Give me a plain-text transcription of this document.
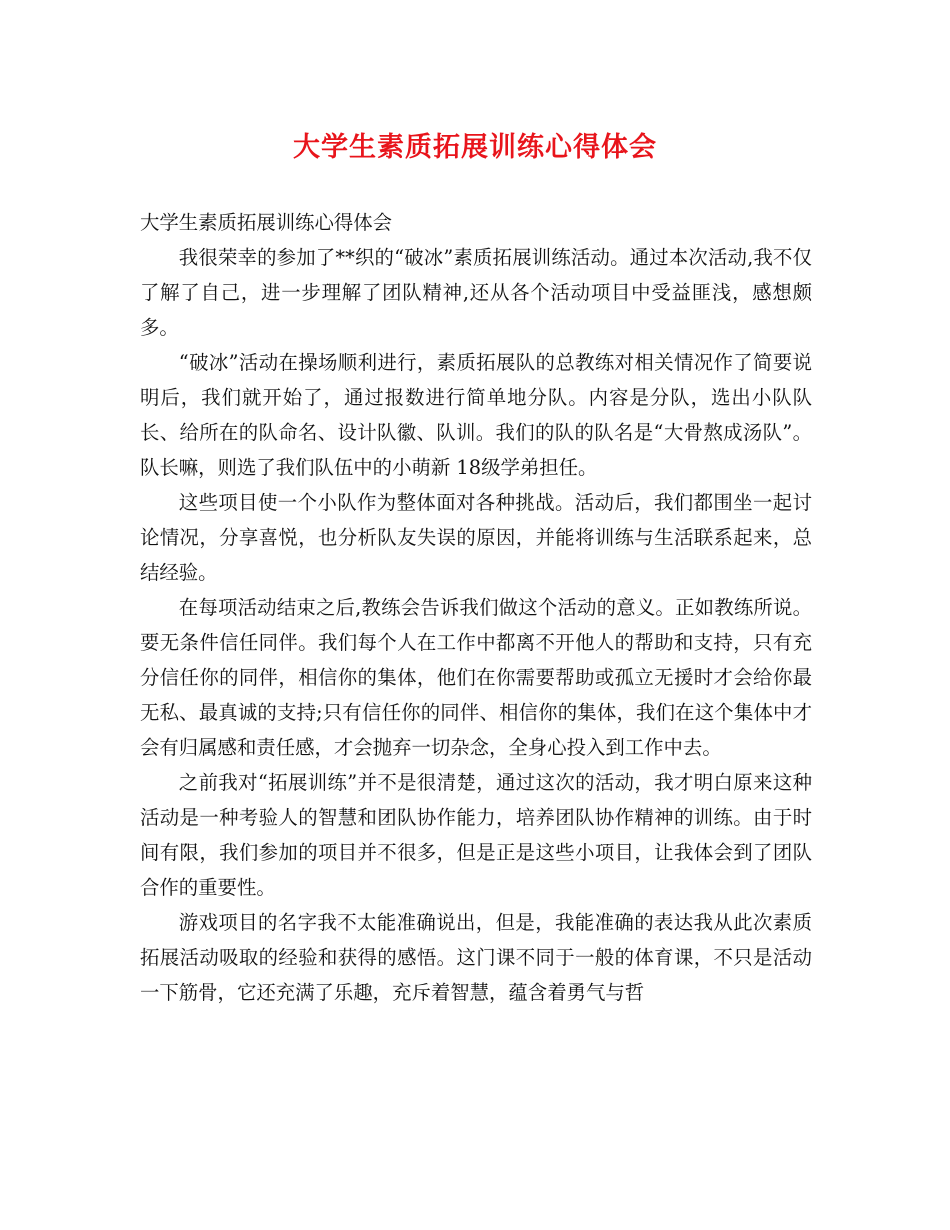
大学生素质拓展训练心得体会

大学生素质拓展训练心得体会

我很荣幸的参加了**织的“破冰”素质拓展训练活动。通过本次活动,我不仅了解了自己，进一步理解了团队精神,还从各个活动项目中受益匪浅，感想颇多。

“破冰”活动在操场顺利进行，素质拓展队的总教练对相关情况作了简要说明后，我们就开始了，通过报数进行简单地分队。内容是分队，选出小队队长、给所在的队命名、设计队徽、队训。我们的队的队名是“大骨熬成汤队”。队长嘛，则选了我们队伍中的小萌新 18级学弟担任。

这些项目使一个小队作为整体面对各种挑战。活动后，我们都围坐一起讨论情况，分享喜悦，也分析队友失误的原因，并能将训练与生活联系起来，总结经验。

在每项活动结束之后,教练会告诉我们做这个活动的意义。正如教练所说。要无条件信任同伴。我们每个人在工作中都离不开他人的帮助和支持，只有充分信任你的同伴，相信你的集体，他们在你需要帮助或孤立无援时才会给你最无私、最真诚的支持;只有信任你的同伴、相信你的集体，我们在这个集体中才会有归属感和责任感，才会抛弃一切杂念，全身心投入到工作中去。

之前我对“拓展训练”并不是很清楚，通过这次的活动，我才明白原来这种活动是一种考验人的智慧和团队协作能力，培养团队协作精神的训练。由于时间有限，我们参加的项目并不很多，但是正是这些小项目，让我体会到了团队合作的重要性。

游戏项目的名字我不太能准确说出，但是，我能准确的表达我从此次素质拓展活动吸取的经验和获得的感悟。这门课不同于一般的体育课，不只是活动一下筋骨，它还充满了乐趣，充斥着智慧，蕴含着勇气与哲
